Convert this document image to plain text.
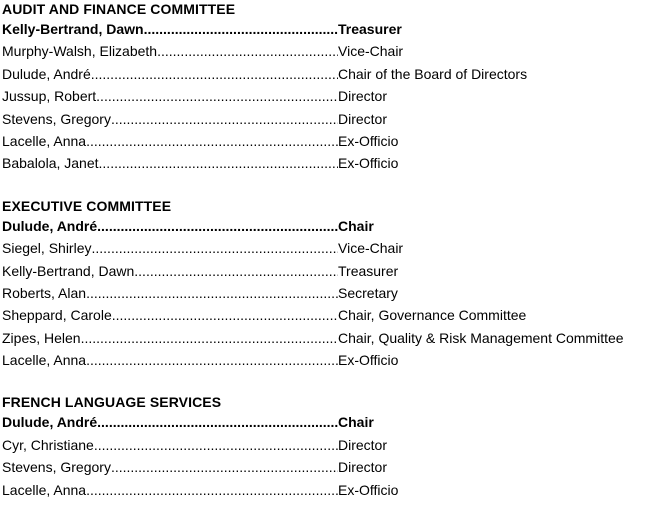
AUDIT AND FINANCE COMMITTEE
Kelly-Bertrand, Dawn .....	Treasurer
Murphy-Walsh, Elizabeth .....	Vice-Chair
Dulude, André .....	Chair of the Board of Directors
Jussup, Robert .....	Director
Stevens, Gregory .....	Director
Lacelle, Anna .....	Ex-Officio
Babalola, Janet .....	Ex-Officio
EXECUTIVE COMMITTEE
Dulude, André .....	Chair
Siegel, Shirley .....	Vice-Chair
Kelly-Bertrand, Dawn .....	Treasurer
Roberts, Alan .....	Secretary
Sheppard, Carole .....	Chair, Governance Committee
Zipes, Helen .....	Chair, Quality & Risk Management Committee
Lacelle, Anna .....	Ex-Officio
FRENCH LANGUAGE SERVICES
Dulude, André .....	Chair
Cyr, Christiane .....	Director
Stevens, Gregory .....	Director
Lacelle, Anna .....	Ex-Officio
